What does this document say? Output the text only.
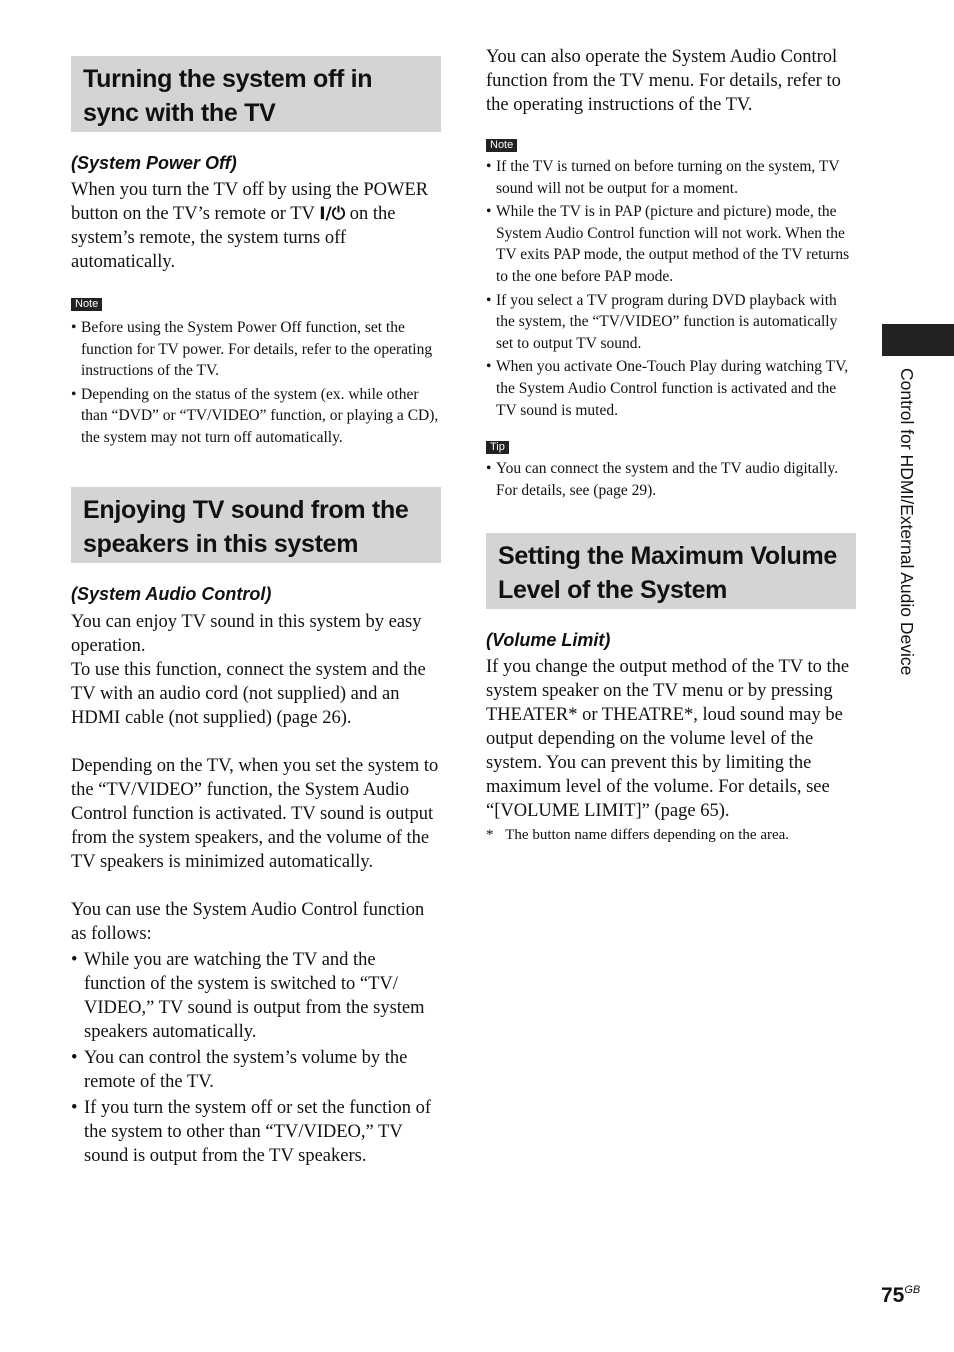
Turning the system off in sync with the TV

(System Power Off)

When you turn the TV off by using the POWER button on the TV’s remote or TV I/⏻ on the system’s remote, the system turns off automatically.

Note
• Before using the System Power Off function, set the function for TV power. For details, refer to the operating instructions of the TV.
• Depending on the status of the system (ex. while other than “DVD” or “TV/VIDEO” function, or playing a CD), the system may not turn off automatically.
Enjoying TV sound from the speakers in this system

(System Audio Control)

You can enjoy TV sound in this system by easy operation.

To use this function, connect the system and the TV with an audio cord (not supplied) and an HDMI cable (not supplied) (page 26).

Depending on the TV, when you set the system to the “TV/VIDEO” function, the System Audio Control function is activated. TV sound is output from the system speakers, and the volume of the TV speakers is minimized automatically.

You can use the System Audio Control function as follows:

• While you are watching the TV and the function of the system is switched to “TV/ VIDEO,” TV sound is output from the system speakers automatically.
• You can control the system’s volume by the remote of the TV.
• If you turn the system off or set the function of the system to other than “TV/VIDEO,” TV sound is output from the TV speakers.

You can also operate the System Audio Control function from the TV menu. For details, refer to the operating instructions of the TV.

Note
• If the TV is turned on before turning on the system, TV sound will not be output for a moment.
• While the TV is in PAP (picture and picture) mode, the System Audio Control function will not work. When the TV exits PAP mode, the output method of the TV returns to the one before PAP mode.
• If you select a TV program during DVD playback with the system, the “TV/VIDEO” function is automatically set to output TV sound.
• When you activate One-Touch Play during watching TV, the System Audio Control function is activated and the TV sound is muted.
Tip
• You can connect the system and the TV audio digitally. For details, see (page 29).
Setting the Maximum Volume Level of the System

(Volume Limit)

If you change the output method of the TV to the system speaker on the TV menu or by pressing THEATER* or THEATRE*, loud sound may be output depending on the volume level of the system. You can prevent this by limiting the maximum level of the volume. For details, see “[VOLUME LIMIT]” (page 65).

* The button name differs depending on the area.

Control for HDMI/External Audio Device
$75^{GB}$
